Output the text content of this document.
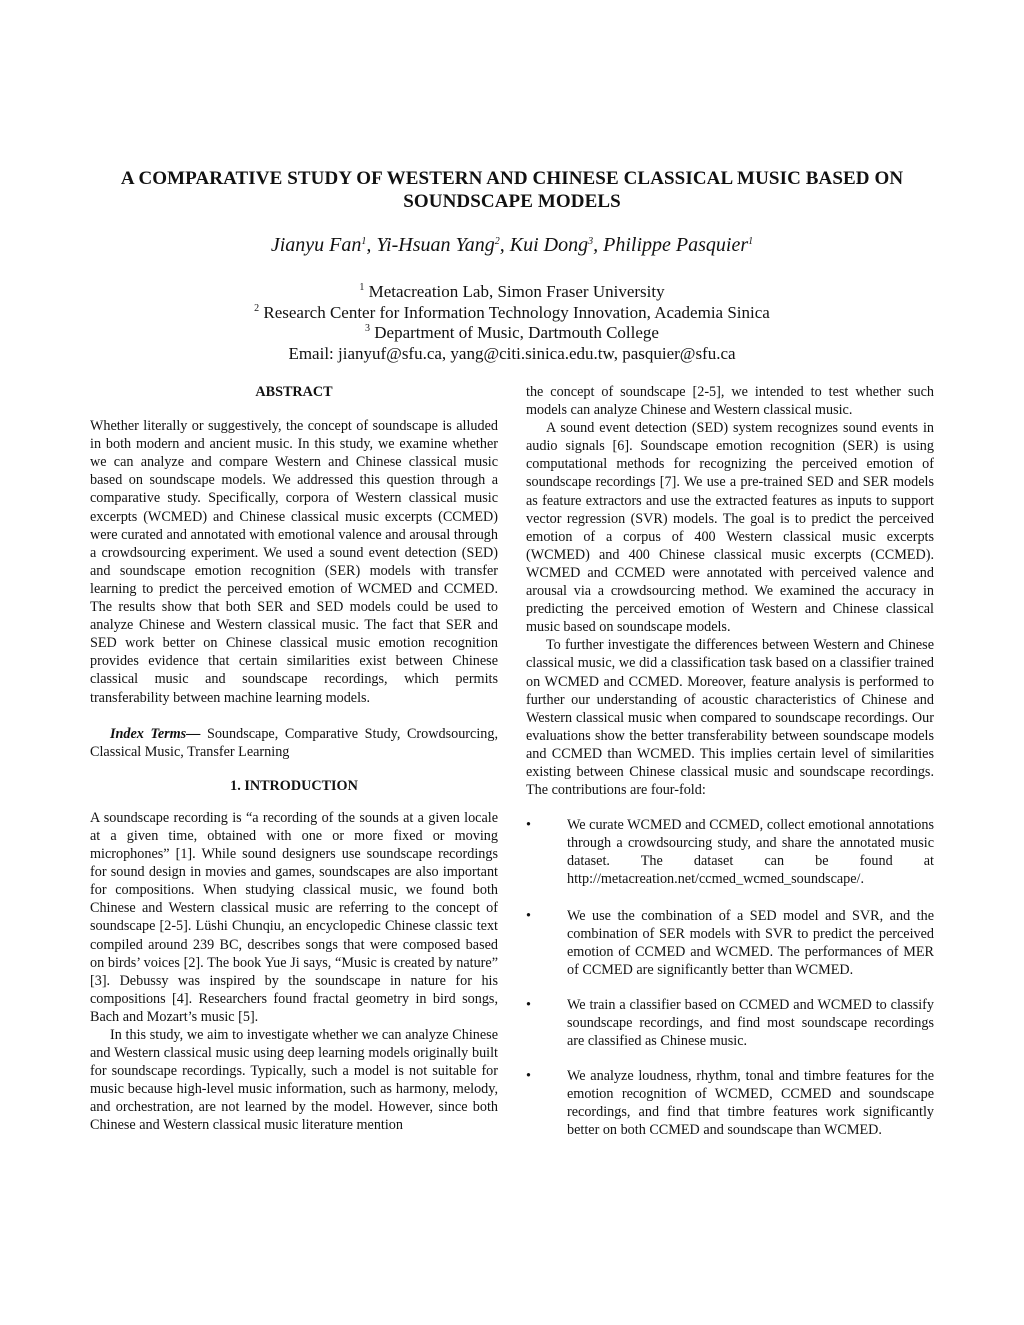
A COMPARATIVE STUDY OF WESTERN AND CHINESE CLASSICAL MUSIC BASED ON SOUNDSCAPE MODELS
Jianyu Fan$^1$, Yi-Hsuan Yang$^2$, Kui Dong$^3$, Philippe Pasquier$^1$
$^1$ Metacreation Lab, Simon Fraser University
$^2$ Research Center for Information Technology Innovation, Academia Sinica
$^3$ Department of Music, Dartmouth College
Email: jianyuf@sfu.ca, yang@citi.sinica.edu.tw, pasquier@sfu.ca
ABSTRACT

Whether literally or suggestively, the concept of soundscape is alluded in both modern and ancient music. In this study, we examine whether we can analyze and compare Western and Chinese classical music based on soundscape models. We addressed this question through a comparative study. Specifically, corpora of Western classical music excerpts (WCMED) and Chinese classical music excerpts (CCMED) were curated and annotated with emotional valence and arousal through a crowdsourcing experiment. We used a sound event detection (SED) and soundscape emotion recognition (SER) models with transfer learning to predict the perceived emotion of WCMED and CCMED. The results show that both SER and SED models could be used to analyze Chinese and Western classical music. The fact that SER and SED work better on Chinese classical music emotion recognition provides evidence that certain similarities exist between Chinese classical music and soundscape recordings, which permits transferability between machine learning models.

Index Terms— Soundscape, Comparative Study, Crowdsourcing, Classical Music, Transfer Learning

1. INTRODUCTION

A soundscape recording is “a recording of the sounds at a given locale at a given time, obtained with one or more fixed or moving microphones” [1]. While sound designers use soundscape recordings for sound design in movies and games, soundscapes are also important for compositions. When studying classical music, we found both Chinese and Western classical music are referring to the concept of soundscape [2-5]. Lüshi Chunqiu, an encyclopedic Chinese classic text compiled around 239 BC, describes songs that were composed based on birds’ voices [2]. The book Yue Ji says, “Music is created by nature” [3]. Debussy was inspired by the soundscape in nature for his compositions [4]. Researchers found fractal geometry in bird songs, Bach and Mozart’s music [5].

In this study, we aim to investigate whether we can analyze Chinese and Western classical music using deep learning models originally built for soundscape recordings. Typically, such a model is not suitable for music because high-level music information, such as harmony, melody, and orchestration, are not learned by the model. However, since both Chinese and Western classical music literature mention

the concept of soundscape [2-5], we intended to test whether such models can analyze Chinese and Western classical music.

A sound event detection (SED) system recognizes sound events in audio signals [6]. Soundscape emotion recognition (SER) is using computational methods for recognizing the perceived emotion of soundscape recordings [7]. We use a pre-trained SED and SER models as feature extractors and use the extracted features as inputs to support vector regression (SVR) models. The goal is to predict the perceived emotion of a corpus of 400 Western classical music excerpts (WCMED) and 400 Chinese classical music excerpts (CCMED). WCMED and CCMED were annotated with perceived valence and arousal via a crowdsourcing method. We examined the accuracy in predicting the perceived emotion of Western and Chinese classical music based on soundscape models.

To further investigate the differences between Western and Chinese classical music, we did a classification task based on a classifier trained on WCMED and CCMED. Moreover, feature analysis is performed to further our understanding of acoustic characteristics of Chinese and Western classical music when compared to soundscape recordings. Our evaluations show the better transferability between soundscape models and CCMED than WCMED. This implies certain level of similarities existing between Chinese classical music and soundscape recordings. The contributions are four-fold:

•	We curate WCMED and CCMED, collect emotional annotations through a crowdsourcing study, and share the annotated music dataset. The dataset can be found at http://metacreation.net/ccmed_wcmed_soundscape/.
•	We use the combination of a SED model and SVR, and the combination of SER models with SVR to predict the perceived emotion of CCMED and WCMED. The performances of MER of CCMED are significantly better than WCMED.
•	We train a classifier based on CCMED and WCMED to classify soundscape recordings, and find most soundscape recordings are classified as Chinese music.
•	We analyze loudness, rhythm, tonal and timbre features for the emotion recognition of WCMED, CCMED and soundscape recordings, and find that timbre features work significantly better on both CCMED and soundscape than WCMED.
